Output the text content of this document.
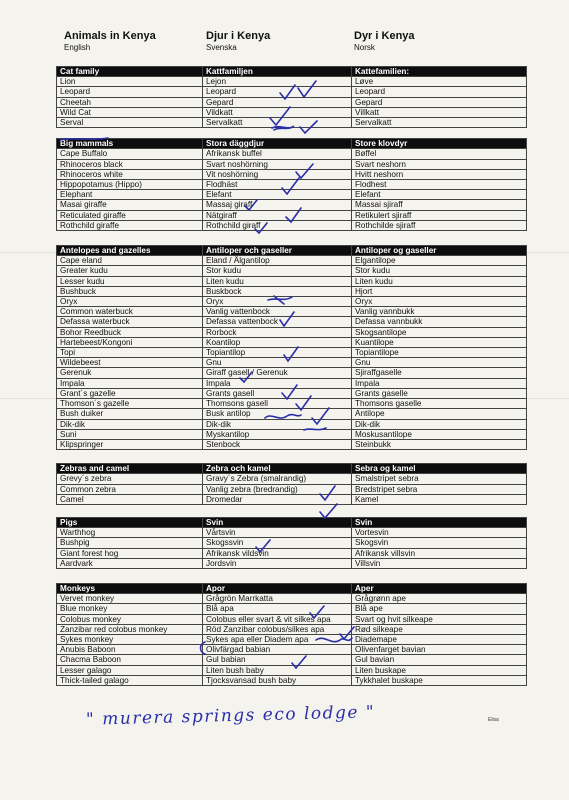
Animals in Kenya
English
Djur i Kenya
Svenska
Dyr i Kenya
Norsk
Cat family	Kattfamiljen	Kattefamilien:
Lion	Lejon	Løve
Leopard	Leopard	Leopard
Cheetah	Gepard	Gepard
Wild Cat	Vildkatt	Villkatt
Serval	Servalkatt	Servalkatt
Big mammals	Stora däggdjur	Store klovdyr
Cape Buffalo	Afrikansk buffel	Bøffel
Rhinoceros black	Svart noshörning	Svart neshorn
Rhinoceros white	Vit noshörning	Hvitt neshorn
Hippopotamus (Hippo)	Flodhäst	Flodhest
Elephant	Elefant	Elefant
Masai giraffe	Massaj giraff	Massai sjiraff
Reticulated giraffe	Nätgiraff	Retikulert sjiraff
Rothchild giraffe	Rothchild giraff	Rothchilde sjiraff
Antelopes and gazelles	Antiloper och gaseller	Antiloper og gaseller
Cape eland	Eland / Älgantilop	Elgantilope
Greater kudu	Stor kudu	Stor kudu
Lesser kudu	Liten kudu	Liten kudu
Bushbuck	Buskbock	Hjort
Oryx	Oryx	Oryx
Common waterbuck	Vanlig vattenbock	Vanlig vannbukk
Defassa waterbuck	Defassa vattenbock	Defassa vannbukk
Bohor Reedbuck	Rorbock	Skogsantilope
Hartebeest/Kongoni	Koantilop	Kuantilope
Topi	Topiantilop	Topiantilope
Wildebeest	Gnu	Gnu
Gerenuk	Giraff gasell / Gerenuk	Sjiraffgaselle
Impala	Impala	Impala
Grant´s gazelle	Grants gasell	Grants gaselle
Thomson´s gazelle	Thomsons gasell	Thomsons gaselle
Bush duiker	Busk antilop	Antilope
Dik-dik	Dik-dik	Dik-dik
Suni	Myskantilop	Moskusantilope
Klipspringer	Stenbock	Steinbukk
Zebras and camel	Zebra och kamel	Sebra og kamel
Grevy´s zebra	Gravy´s Zebra (smalrandig)	Smalstripet sebra
Common zebra	Vanlig zebra (bredrandig)	Bredstripet sebra
Camel	Dromedar	Kamel
Pigs	Svin	Svin
Warthhog	Vårtsvin	Vortesvin
Bushpig	Skogssvin	Skogsvin
Giant forest hog	Afrikansk vildsvin	Afrikansk villsvin
Aardvark	Jordsvin	Villsvin
Monkeys	Apor	Aper
Vervet monkey	Grågrön Marrkatta	Grågrønn ape
Blue monkey	Blå apa	Blå ape
Colobus monkey	Colobus eller svart & vit silkes apa	Svart og hvit silkeape
Zanzibar red colobus monkey	Röd Zanzibar colobus/silkes apa	Rød silkeape
Sykes monkey	Sykes apa eller Diadem apa	Diademape
Anubis Baboon	Olivfärgad babian	Olivenfarget bavian
Chacma Baboon	Gul babian	Gul bavian
Lesser galago	Liten bush baby	Liten buskape
Thick-tailed galago	Tjocksvansad bush baby	Tykkhalet buskape
" murera springs eco lodge "	Elisa
